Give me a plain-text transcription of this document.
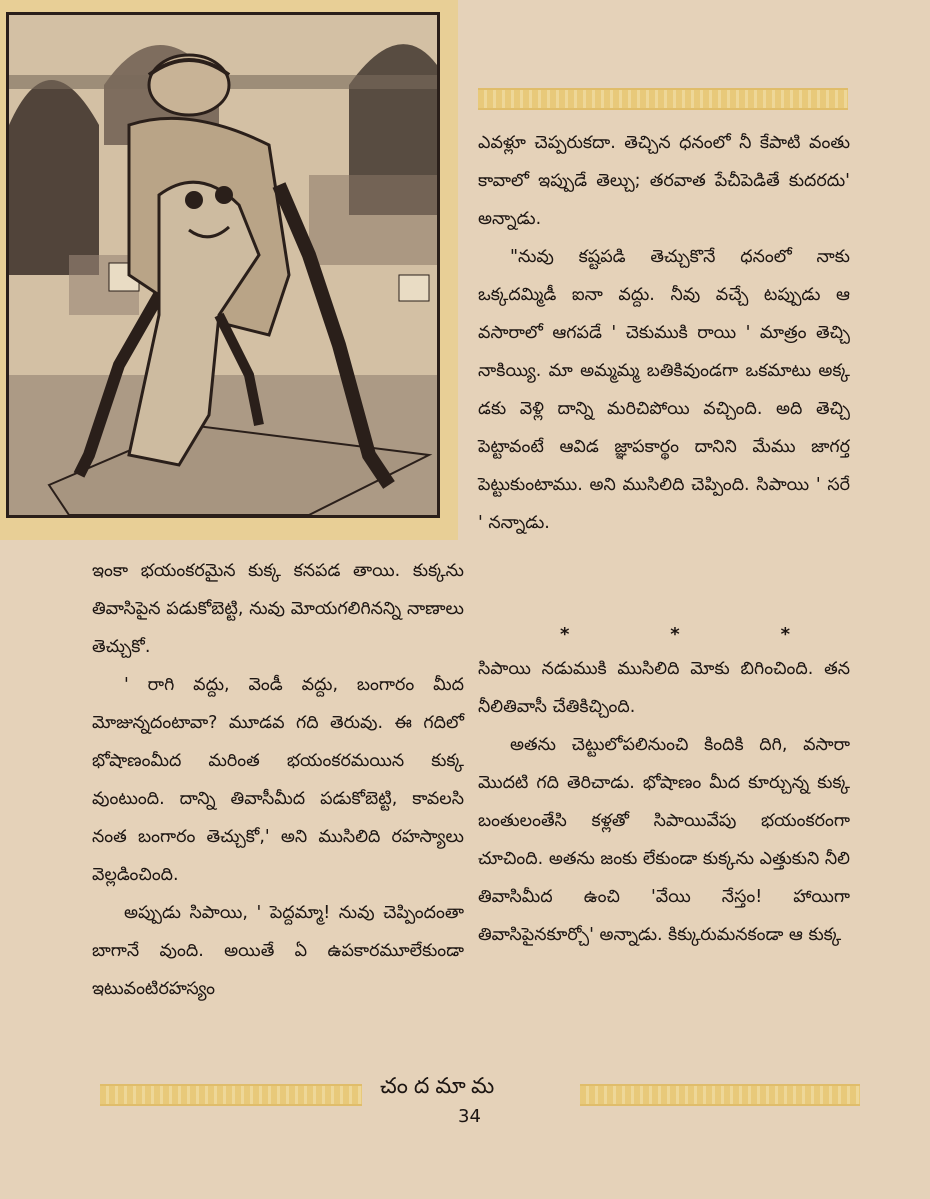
ఇంకా భయంకరమైన కుక్క కనపడ తాయి. కుక్కను తివాసిపైన పడుకోబెట్టి, నువు మోయగలిగినన్ని నాణాలు తెచ్చుకో.

' రాగి వద్దు, వెండీ వద్దు, బంగారం మీద మోజున్నదంటావా? మూడవ గది తెరువు. ఈ గదిలో భోషాణంమీద మరింత భయంకరమయిన కుక్క వుంటుంది. దాన్ని తివాసీమీద పడుకోబెట్టి, కావలసి నంత బంగారం తెచ్చుకో,' అని ముసిలిది రహస్యాలు వెల్లడించింది.

అప్పుడు సిపాయి, ' పెద్దమ్మా! నువు చెప్పిందంతా బాగానే వుంది. అయితే ఏ ఉపకారమూలేకుండా ఇటువంటిరహస్యం

ఎవళ్లూ చెప్పరుకదా. తెచ్చిన ధనంలో నీ కేపాటి వంతు కావాలో ఇప్పుడే తెల్చు; తరవాత పేచీపెడితే కుదరదు' అన్నాడు.

"నువు కష్టపడి తెచ్చుకొనే ధనంలో నాకు ఒక్కదమ్మిడీ ఐనా వద్దు. నీవు వచ్చే టప్పుడు ఆ వసారాలో ఆగపడే ' చెకుముకి రాయి ' మాత్రం తెచ్చి నాకియ్యి. మా అమ్మమ్మ బతికివుండగా ఒకమాటు అక్క డకు వెళ్లి దాన్ని మరిచిపోయి వచ్చింది. అది తెచ్చి పెట్టావంటే ఆవిడ జ్ఞాపకార్థం దానిని మేము జాగర్త పెట్టుకుంటాము. అని ముసిలిది చెప్పింది. సిపాయి ' సరే ' నన్నాడు.

*	*	*

సిపాయి నడుముకి ముసిలిది మోకు బిగించింది. తన నీలితివాసీ చేతికిచ్చింది.

అతను చెట్టులోపలినుంచి కిందికి దిగి, వసారా మొదటి గది తెరిచాడు. భోషాణం మీద కూర్చున్న కుక్క బంతులంతేసి కళ్లతో సిపాయివేపు భయంకరంగా చూచింది. అతను జంకు లేకుండా కుక్కను ఎత్తుకుని నీలి తివాసిమీద ఉంచి 'వేయి నేస్తం! హాయిగా తివాసిపైనకూర్చో' అన్నాడు. కిక్కురుమనకండా ఆ కుక్క

చందమామ
34
